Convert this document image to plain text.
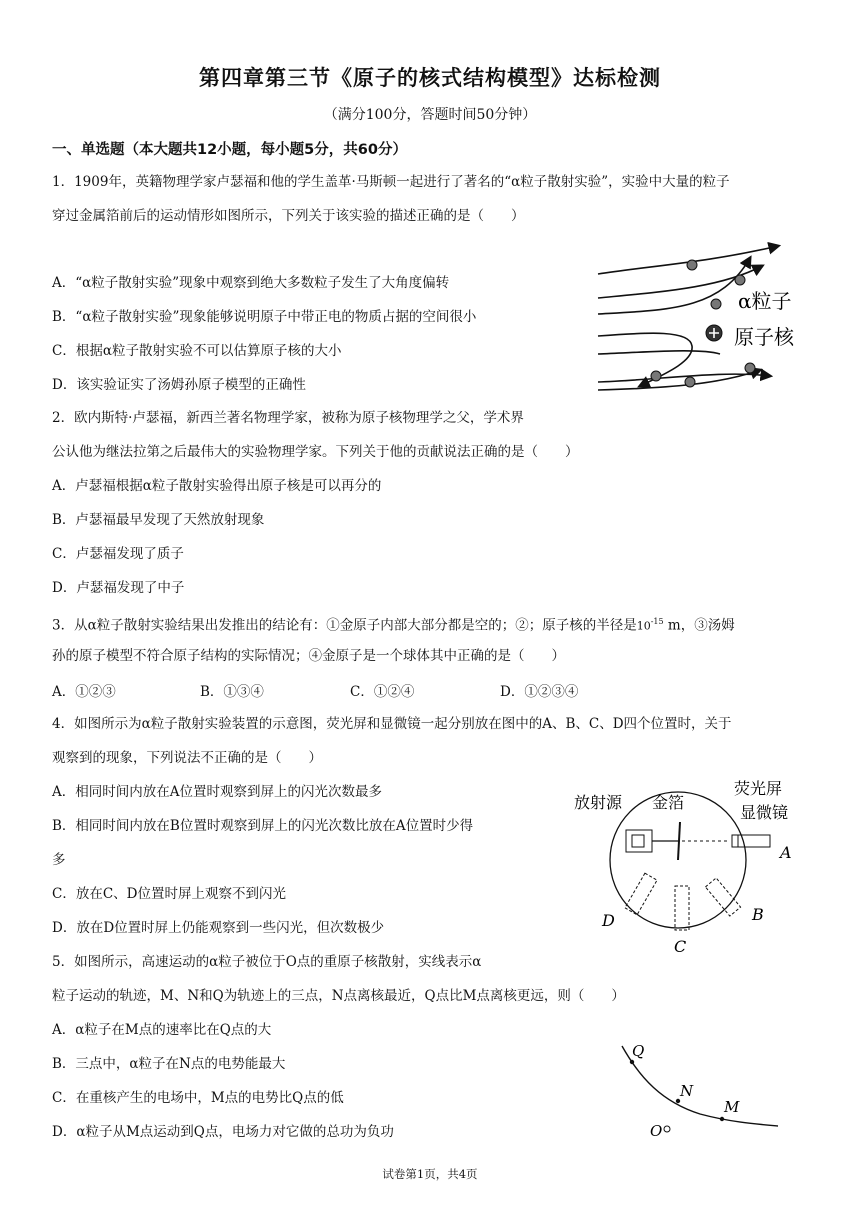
第四章第三节《原子的核式结构模型》达标检测
（满分100分，答题时间50分钟）
一、单选题（本大题共12小题，每小题5分，共60分）
1．1909年，英籍物理学家卢瑟福和他的学生盖革·马斯顿一起进行了著名的“α粒子散射实验”，实验中大量的粒子
穿过金属箔前后的运动情形如图所示，下列关于该实验的描述正确的是（　　）
A．“α粒子散射实验”现象中观察到绝大多数粒子发生了大角度偏转
B．“α粒子散射实验”现象能够说明原子中带正电的物质占据的空间很小
C．根据α粒子散射实验不可以估算原子核的大小
D．该实验证实了汤姆孙原子模型的正确性
α粒子
原子核
2．欧内斯特·卢瑟福，新西兰著名物理学家，被称为原子核物理学之父，学术界
公认他为继法拉第之后最伟大的实验物理学家。下列关于他的贡献说法正确的是（　　）
A．卢瑟福根据α粒子散射实验得出原子核是可以再分的
B．卢瑟福最早发现了天然放射现象
C．卢瑟福发现了质子
D．卢瑟福发现了中子
3．从α粒子散射实验结果出发推出的结论有：①金原子内部大部分都是空的；②；原子核的半径是$10^{-15}$ m，③汤姆
孙的原子模型不符合原子结构的实际情况；④金原子是一个球体其中正确的是（　　）
A．①②③	B．①③④	C．①②④	D．①②③④
4．如图所示为α粒子散射实验装置的示意图，荧光屏和显微镜一起分别放在图中的A、B、C、D四个位置时，关于
观察到的现象，下列说法不正确的是（　　）
A．相同时间内放在A位置时观察到屏上的闪光次数最多
B．相同时间内放在B位置时观察到屏上的闪光次数比放在A位置时少得
多
C．放在C、D位置时屏上观察不到闪光
D．放在D位置时屏上仍能观察到一些闪光，但次数极少
放射源 金箔
荧光屏
显微镜
A
B
C
D
5．如图所示，高速运动的α粒子被位于O点的重原子核散射，实线表示α
粒子运动的轨迹，M、N和Q为轨迹上的三点，N点离核最近，Q点比M点离核更远，则（　　）
A．α粒子在M点的速率比在Q点的大
B．三点中，α粒子在N点的电势能最大
C．在重核产生的电场中，M点的电势比Q点的低
D．α粒子从M点运动到Q点，电场力对它做的总功为负功
Q
N
M
O
试卷第1页，共4页
